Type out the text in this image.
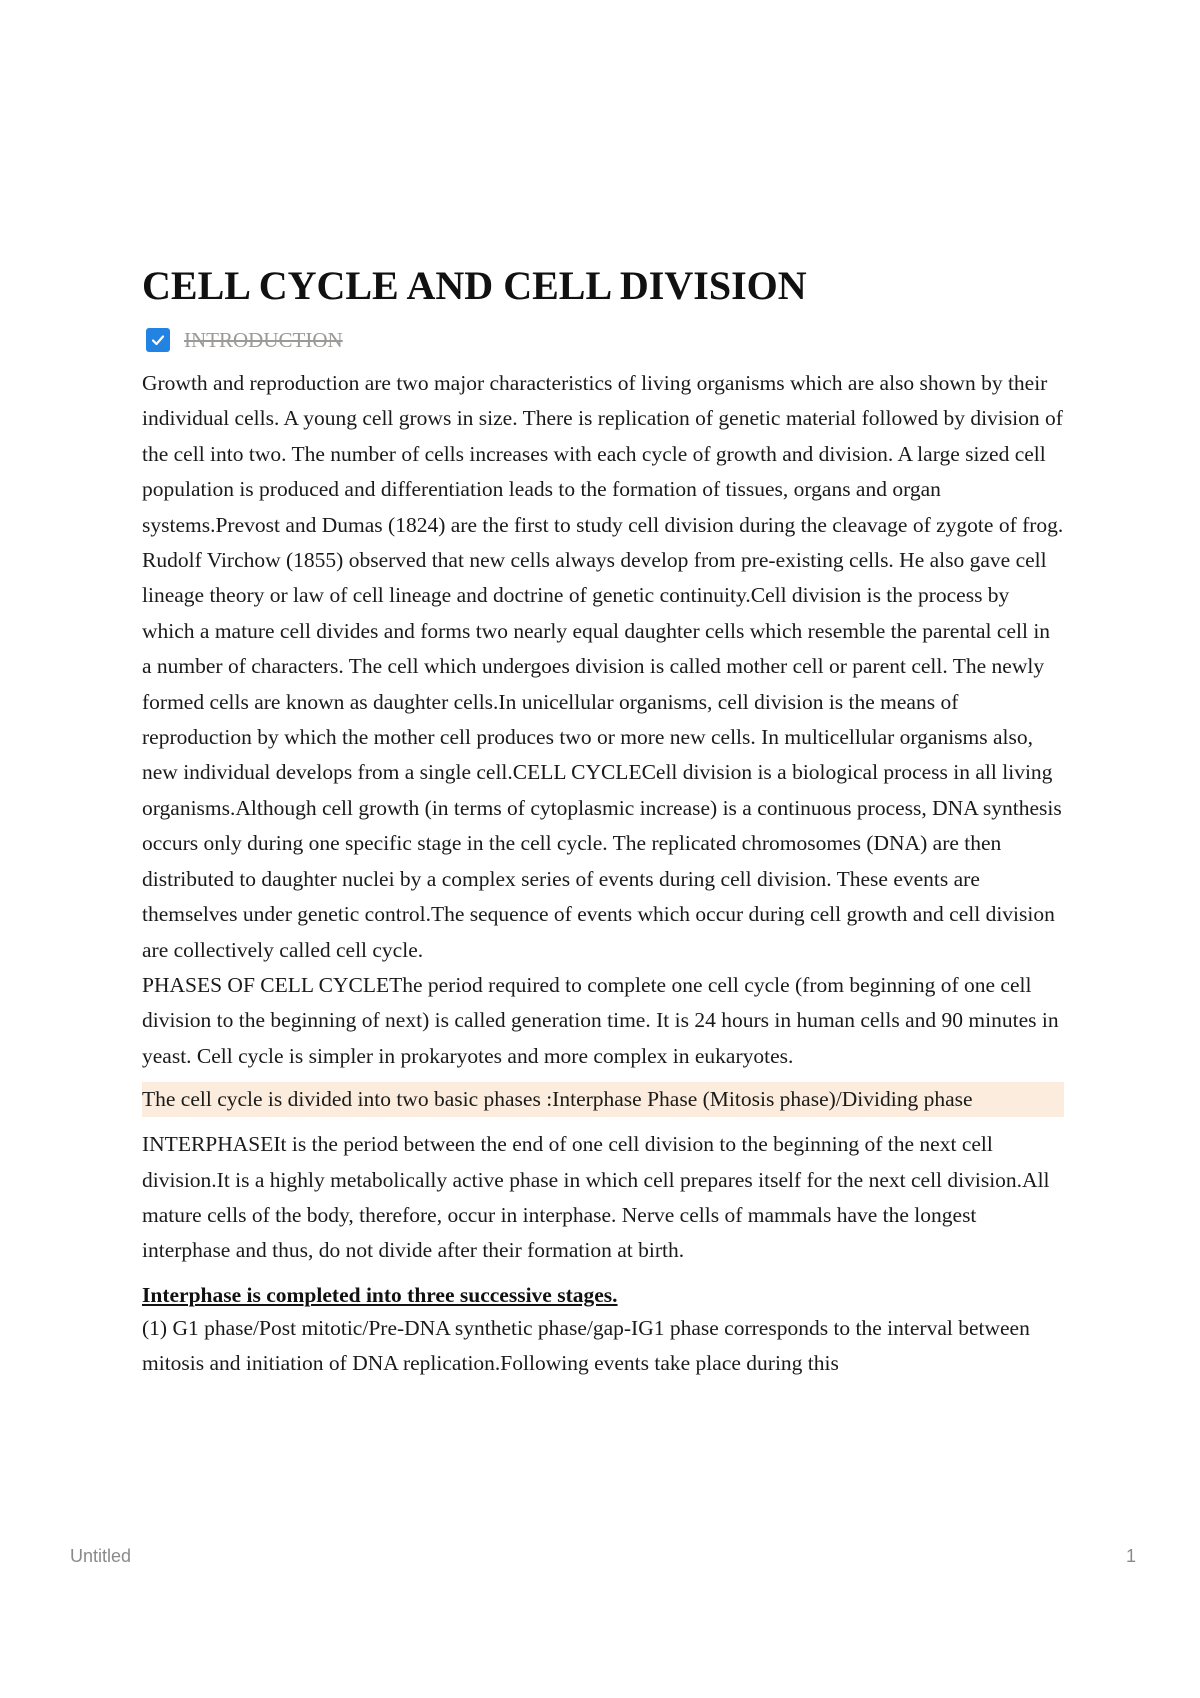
CELL CYCLE AND CELL DIVISION
INTRODUCTION

Growth and reproduction are two major characteristics of living organisms which are also shown by their individual cells. A young cell grows in size. There is replication of genetic material followed by division of the cell into two. The number of cells increases with each cycle of growth and division. A large sized cell population is produced and differentiation leads to the formation of tissues, organs and organ systems.Prevost and Dumas (1824) are the first to study cell division during the cleavage of zygote of frog. Rudolf Virchow (1855) observed that new cells always develop from pre-existing cells. He also gave cell lineage theory or law of cell lineage and doctrine of genetic continuity.Cell division is the process by which a mature cell divides and forms two nearly equal daughter cells which resemble the parental cell in a number of characters. The cell which undergoes division is called mother cell or parent cell. The newly formed cells are known as daughter cells.In unicellular organisms, cell division is the means of reproduction by which the mother cell produces two or more new cells. In multicellular organisms also, new individual develops from a single cell.CELL CYCLECell division is a biological process in all living organisms.Although cell growth (in terms of cytoplasmic increase) is a continuous process, DNA synthesis occurs only during one specific stage in the cell cycle. The replicated chromosomes (DNA) are then distributed to daughter nuclei by a complex series of events during cell division. These events are themselves under genetic control.The sequence of events which occur during cell growth and cell division are collectively called cell cycle.

PHASES OF CELL CYCLEThe period required to complete one cell cycle (from beginning of one cell division to the beginning of next) is called generation time. It is 24 hours in human cells and 90 minutes in yeast. Cell cycle is simpler in prokaryotes and more complex in eukaryotes.

The cell cycle is divided into two basic phases :Interphase Phase (Mitosis phase)/Dividing phase

INTERPHASEIt is the period between the end of one cell division to the beginning of the next cell division.It is a highly metabolically active phase in which cell prepares itself for the next cell division.All mature cells of the body, therefore, occur in interphase. Nerve cells of mammals have the longest interphase and thus, do not divide after their formation at birth.

Interphase is completed into three successive stages.

(1) G1 phase/Post mitotic/Pre-DNA synthetic phase/gap-IG1 phase corresponds to the interval between mitosis and initiation of DNA replication.Following events take place during this

Untitled	1
